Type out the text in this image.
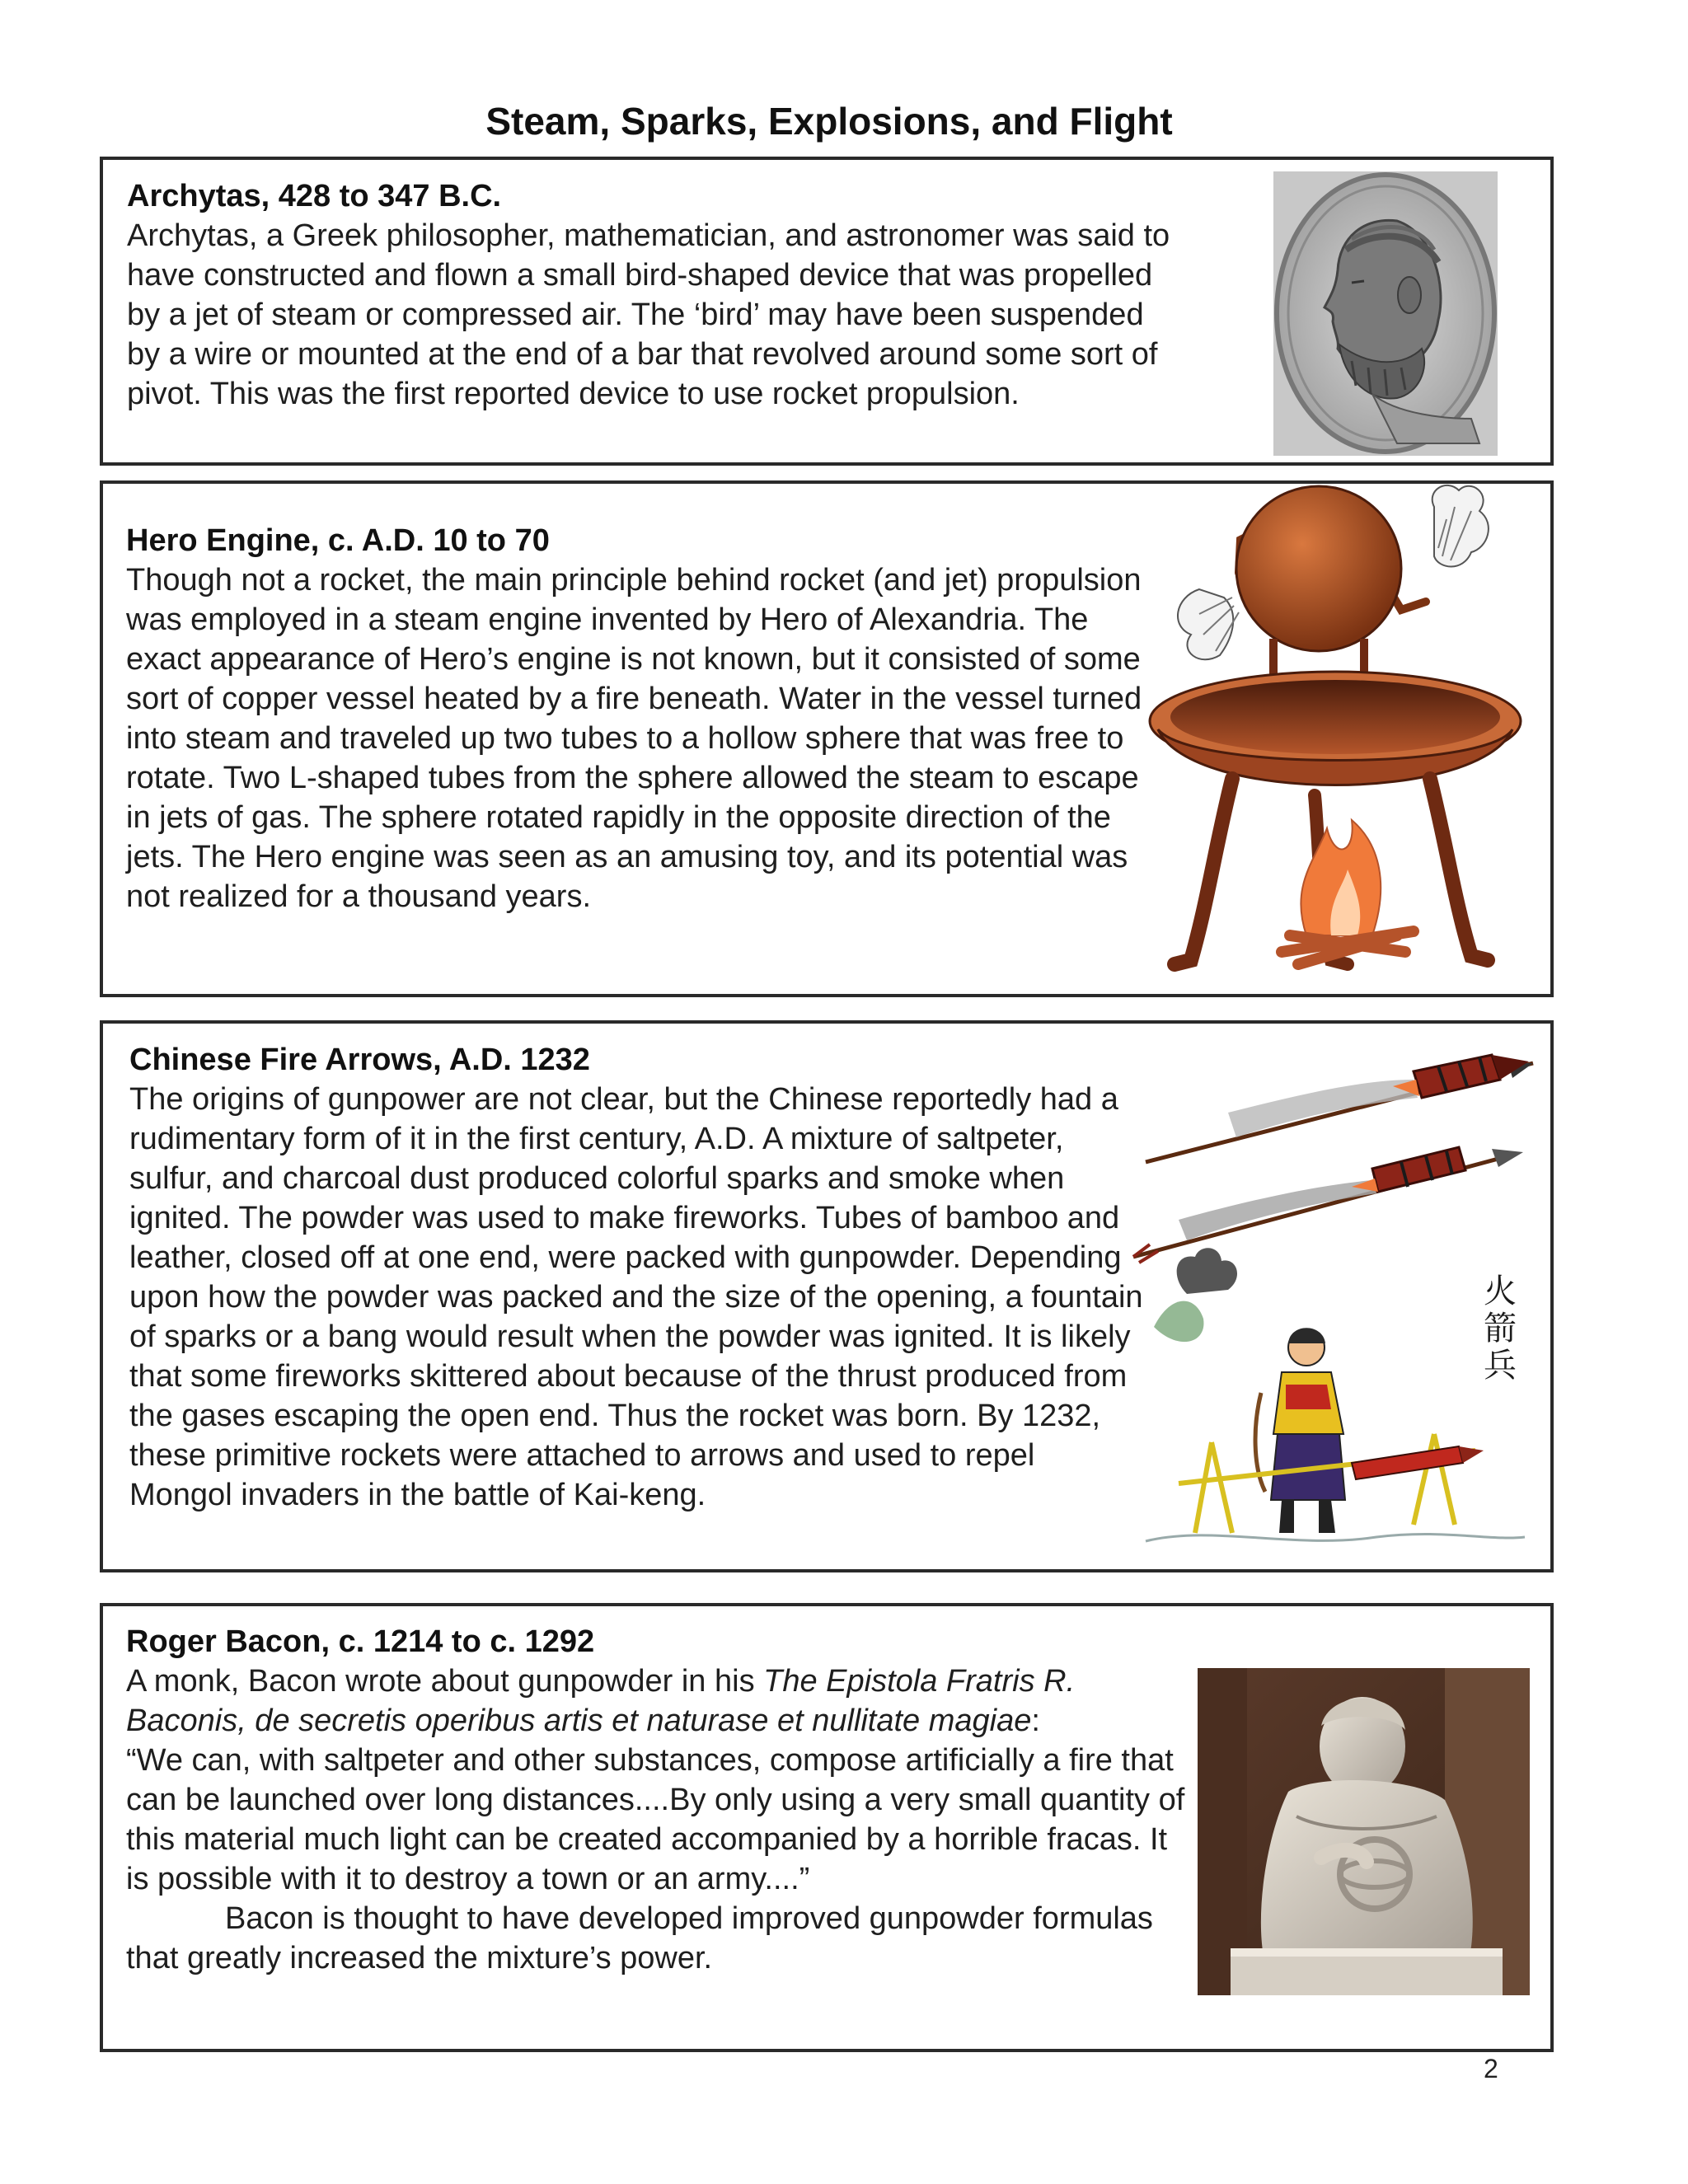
Steam, Sparks, Explosions, and Flight

Archytas, 428 to 347 B.C.

Archytas, a Greek philosopher, mathematician, and astronomer was said to have constructed and flown a small bird-shaped device that was propelled by a jet of steam or compressed air. The ‘bird’ may have been suspended by a wire or mounted at the end of a bar that revolved around some sort of pivot. This was the first reported device to use rocket propulsion.

Hero Engine, c. A.D. 10 to 70

Though not a rocket, the main principle behind rocket (and jet) propulsion was employed in a steam engine invented by Hero of Alexandria. The exact appearance of Hero’s engine is not known, but it consisted of some sort of copper vessel heated by a fire beneath. Water in the vessel turned into steam and traveled up two tubes to a hollow sphere that was free to rotate. Two L-shaped tubes from the sphere allowed the steam to escape in jets of gas. The sphere rotated rapidly in the opposite direction of the jets. The Hero engine was seen as an amusing toy, and its potential was not realized for a thousand years.

Chinese Fire Arrows, A.D. 1232

The origins of gunpower are not clear, but the Chinese reportedly had a rudimentary form of it in the first century, A.D. A mixture of saltpeter, sulfur, and charcoal dust produced colorful sparks and smoke when ignited. The powder was used to make fireworks. Tubes of bamboo and leather, closed off at one end, were packed with gunpowder. Depending upon how the powder was packed and the size of the opening, a fountain of sparks or a bang would result when the powder was ignited. It is likely that some fireworks skittered about because of the thrust produced from the gases escaping the open end. Thus the rocket was born. By 1232, these primitive rockets were attached to arrows and used to repel Mongol invaders in the battle of Kai-keng.

火
箭
兵

Roger Bacon, c. 1214 to c. 1292

A monk, Bacon wrote about gunpowder in his The Epistola Fratris R. Baconis, de secretis operibus artis et naturase et nullitate magiae:

“We can, with saltpeter and other substances, compose artificially a fire that can be launched over long distances....By only using a very small quantity of this material much light can be created accompanied by a horrible fracas. It is possible with it to destroy a town or an army....”

Bacon is thought to have developed improved gunpowder formulas that greatly increased the mixture’s power.

2
